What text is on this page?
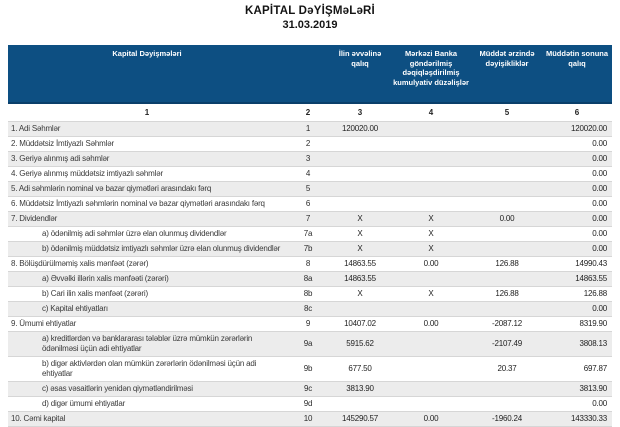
KAPİTAL DəYİŞMəLəRİ
31.03.2019
Kapital Dəyişmələri		İlin əvvəlinə qalıq	Mərkəzi Banka göndərilmiş dəqiqləşdirilmiş kumulyativ düzəlişlər	Müddət ərzində dəyişikliklər	Müddətin sonuna qalıq
1	2	3	4	5	6
1. Adi Səhmlər	1	120020.00			120020.00
2. Müddətsiz İmtiyazlı Səhmlər	2				0.00
3. Geriyə alınmış adi səhmlər	3				0.00
4. Geriyə alınmış müddətsiz imtiyazlı səhmlər	4				0.00
5. Adi səhmlərin nominal və bazar qiymətləri arasındakı fərq	5				0.00
6. Müddətsiz İmtiyazlı səhmlərin nominal və bazar qiymətləri arasındakı fərq	6				0.00
7. Dividendlər	7	X	X	0.00	0.00
a) ödənilmiş adi səhmlər üzrə elan olunmuş dividendlər	7a	X	X		0.00
b) ödənilmiş müddətsiz imtiyazlı səhmlər üzrə elan olunmuş dividendlər	7b	X	X		0.00
8. Bölüşdürülməmiş xalis mənfəət (zərər)	8	14863.55	0.00	126.88	14990.43
a) Əvvəlki illərin xalis mənfəəti (zərəri)	8a	14863.55			14863.55
b) Cari ilin xalis mənfəət (zərəri)	8b	X	X	126.88	126.88
c) Kapital ehtiyatları	8c				0.00
9. Ümumi ehtiyatlar	9	10407.02	0.00	-2087.12	8319.90
a) kreditlərdən və banklararası tələblər üzrə mümkün zərərlərin ödənilməsi üçün adi ehtiyatlar	9a	5915.62		-2107.49	3808.13
b) digər aktivlərdən olan mümkün zərərlərin ödənilməsi üçün adi ehtiyatlar	9b	677.50		20.37	697.87
c) əsas vəsaitlərin yenidən qiymətləndirilməsi	9c	3813.90			3813.90
d) digər ümumi ehtiyatlar	9d				0.00
10. Cəmi kapital	10	145290.57	0.00	-1960.24	143330.33
